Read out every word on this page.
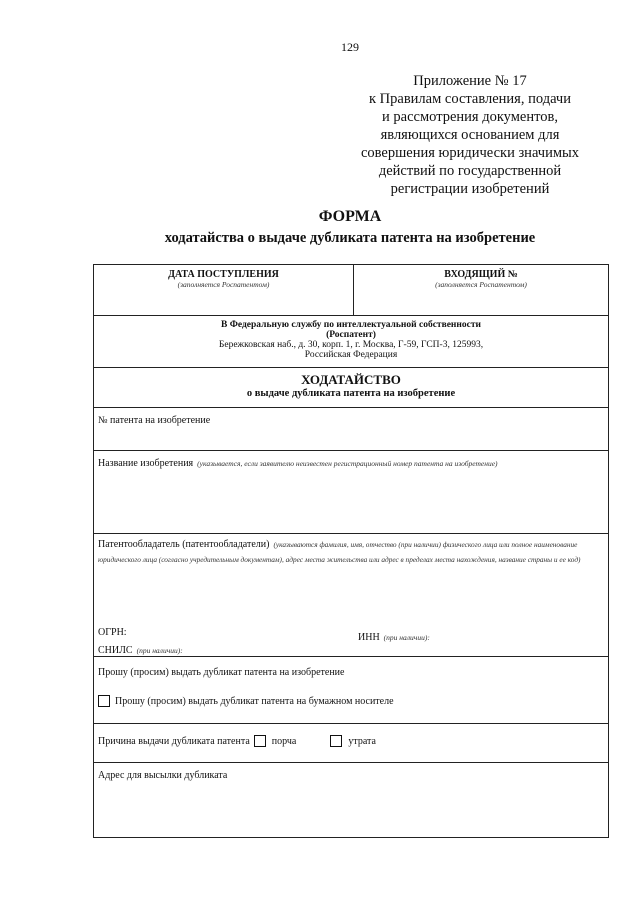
129
Приложение № 17
к Правилам составления, подачи
и рассмотрения документов,
являющихся основанием для
совершения юридически значимых
действий по государственной
регистрации изобретений
ФОРМА
ходатайства о выдаче дубликата патента на изобретение
ДАТА ПОСТУПЛЕНИЯ
(заполняется Роспатентом)
ВХОДЯЩИЙ №
(заполняется Роспатентом)
В Федеральную службу по интеллектуальной собственности
(Роспатент)
Бережковская наб., д. 30, корп. 1, г. Москва, Г-59, ГСП-3, 125993,
Российская Федерация
ХОДАТАЙСТВО
о выдаче дубликата патента на изобретение
№ патента на изобретение
Название изобретения (указывается, если заявителю неизвестен регистрационный номер патента на изобретение)
Патентообладатель (патентообладатели) (указываются фамилия, имя, отчество (при наличии) физического лица или полное наименование юридического лица (согласно учредительным документам), адрес места жительства или адрес в пределах места нахождения, название страны и ее код)
ОГРН:	ИНН (при наличии):
СНИЛС (при наличии):
Прошу (просим) выдать дубликат патента на изобретение
Прошу (просим) выдать дубликат патента на бумажном носителе
Причина выдачи дубликата патента порча	утрата
Адрес для высылки дубликата
